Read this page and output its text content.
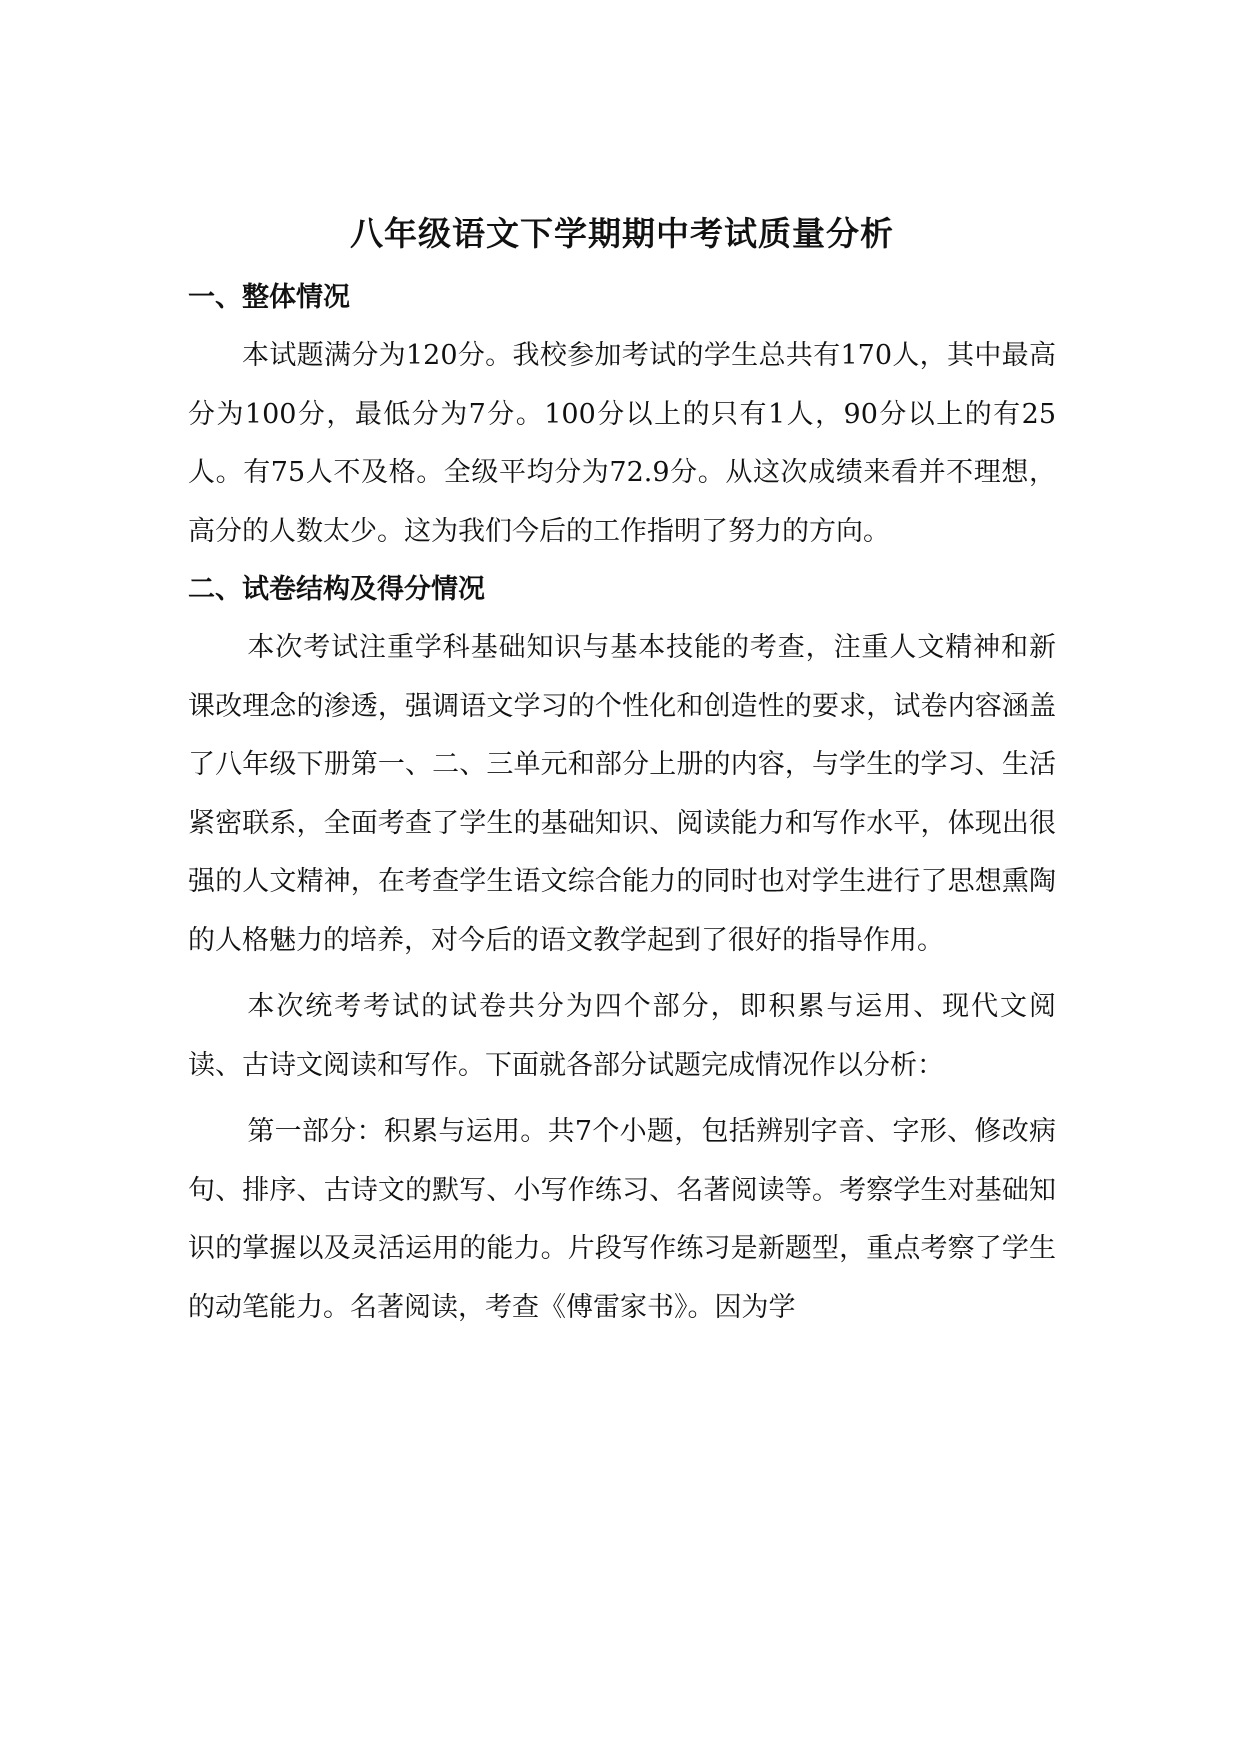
八年级语文下学期期中考试质量分析
一、整体情况

本试题满分为120分。我校参加考试的学生总共有170人，其中最高分为100分，最低分为7分。100分以上的只有1人，90分以上的有25人。有75人不及格。全级平均分为72.9分。从这次成绩来看并不理想，高分的人数太少。这为我们今后的工作指明了努力的方向。

二、试卷结构及得分情况

本次考试注重学科基础知识与基本技能的考查，注重人文精神和新课改理念的渗透，强调语文学习的个性化和创造性的要求，试卷内容涵盖了八年级下册第一、二、三单元和部分上册的内容，与学生的学习、生活紧密联系，全面考查了学生的基础知识、阅读能力和写作水平，体现出很强的人文精神，在考查学生语文综合能力的同时也对学生进行了思想熏陶的人格魅力的培养，对今后的语文教学起到了很好的指导作用。

本次统考考试的试卷共分为四个部分，即积累与运用、现代文阅读、古诗文阅读和写作。下面就各部分试题完成情况作以分析：

第一部分：积累与运用。共7个小题，包括辨别字音、字形、修改病句、排序、古诗文的默写、小写作练习、名著阅读等。考察学生对基础知识的掌握以及灵活运用的能力。片段写作练习是新题型，重点考察了学生的动笔能力。名著阅读，考查《傅雷家书》。因为学
